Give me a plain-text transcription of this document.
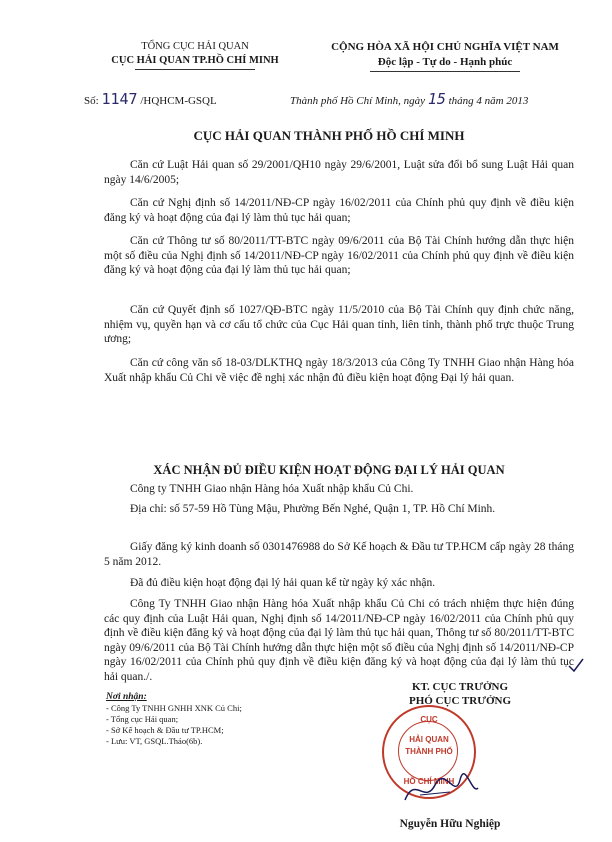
TỔNG CỤC HẢI QUAN
CỤC HẢI QUAN TP.HỒ CHÍ MINH
CỘNG HÒA XÃ HỘI CHỦ NGHĨA VIỆT NAM
Độc lập - Tự do - Hạnh phúc
Số: 1147 /HQHCM-GSQL	Thành phố Hồ Chí Minh, ngày 15 tháng 4 năm 2013
CỤC HẢI QUAN THÀNH PHỐ HỒ CHÍ MINH
Căn cứ Luật Hải quan số 29/2001/QH10 ngày 29/6/2001, Luật sửa đổi bổ sung Luật Hải quan ngày 14/6/2005;
Căn cứ Nghị định số 14/2011/NĐ-CP ngày 16/02/2011 của Chính phủ quy định về điều kiện đăng ký và hoạt động của đại lý làm thủ tục hải quan;
Căn cứ Thông tư số 80/2011/TT-BTC ngày 09/6/2011 của Bộ Tài Chính hướng dẫn thực hiện một số điều của Nghị định số 14/2011/NĐ-CP ngày 16/02/2011 của Chính phủ quy định về điều kiện đăng ký và hoạt động của đại lý làm thủ tục hải quan;
Căn cứ Quyết định số 1027/QĐ-BTC ngày 11/5/2010 của Bộ Tài Chính quy định chức năng, nhiệm vụ, quyền hạn và cơ cấu tổ chức của Cục Hải quan tỉnh, liên tỉnh, thành phố trực thuộc Trung ương;
Căn cứ công văn số 18-03/DLKTHQ ngày 18/3/2013 của Công Ty TNHH Giao nhận Hàng hóa Xuất nhập khẩu Củ Chi về việc đề nghị xác nhận đủ điều kiện hoạt động Đại lý hải quan.
XÁC NHẬN ĐỦ ĐIỀU KIỆN HOẠT ĐỘNG ĐẠI LÝ HẢI QUAN
Công ty TNHH Giao nhận Hàng hóa Xuất nhập khẩu Củ Chi.
Địa chỉ: số 57-59 Hồ Tùng Mậu, Phường Bến Nghé, Quận 1, TP. Hồ Chí Minh.
Giấy đăng ký kinh doanh số 0301476988 do Sở Kế hoạch & Đầu tư TP.HCM cấp ngày 28 tháng 5 năm 2012.
Đã đủ điều kiện hoạt động đại lý hải quan kể từ ngày ký xác nhận.
Công Ty TNHH Giao nhận Hàng hóa Xuất nhập khẩu Củ Chi có trách nhiệm thực hiện đúng các quy định của Luật Hải quan, Nghị định số 14/2011/NĐ-CP ngày 16/02/2011 của Chính phủ quy định về điều kiện đăng ký và hoạt động của đại lý làm thủ tục hải quan, Thông tư số 80/2011/TT-BTC ngày 09/6/2011 của Bộ Tài Chính hướng dẫn thực hiện một số điều của Nghị định số 14/2011/NĐ-CP ngày 16/02/2011 của Chính phủ quy định về điều kiện đăng ký và hoạt động của đại lý làm thủ tục hải quan./.
Nơi nhận:
- Công Ty TNHH GNHH XNK Củ Chi;
- Tổng cục Hải quan;
- Sở Kế hoạch & Đầu tư TP.HCM;
- Lưu: VT, GSQL.Thảo(6b).
KT. CỤC TRƯỞNG
PHÓ CỤC TRƯỞNG
CỤC
HẢI QUAN
THÀNH PHỐ
HỒ CHÍ MINH
Nguyễn Hữu Nghiệp
